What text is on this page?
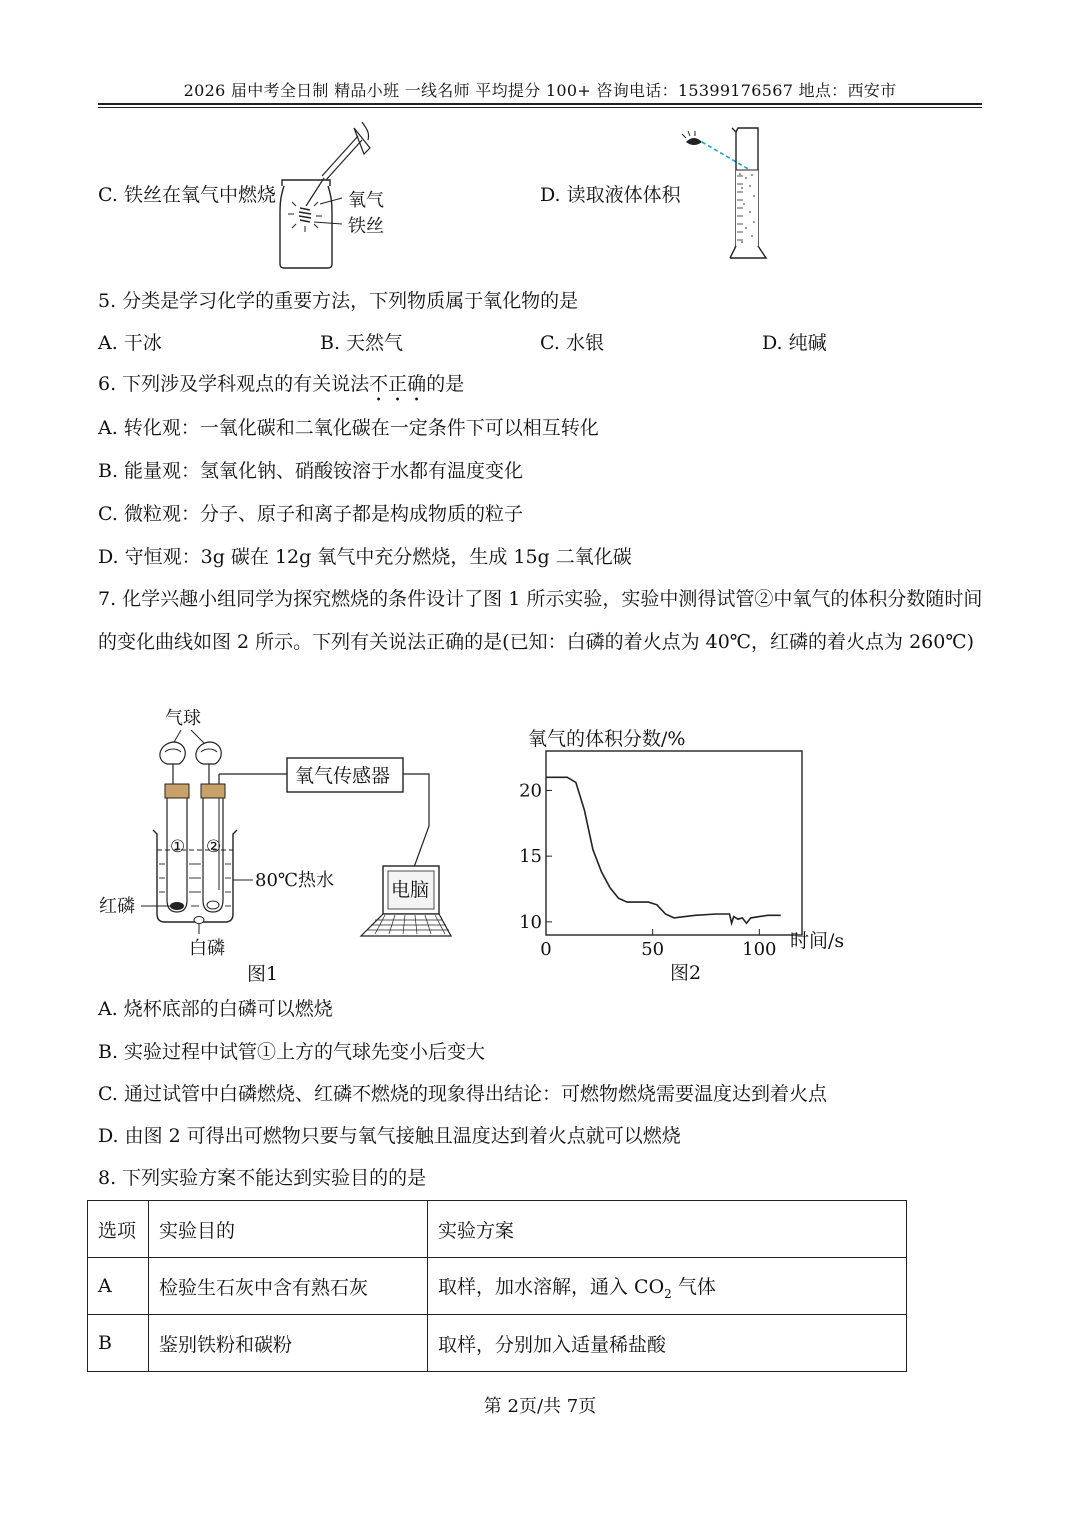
2026 届中考全日制 精品小班 一线名师 平均提分 100+ 咨询电话：15399176567 地点：西安市
C. 铁丝在氧气中燃烧	D. 读取液体体积
氧气
铁丝
5. 分类是学习化学的重要方法，下列物质属于氧化物的是
A. 干冰	B. 天然气	C. 水银	D. 纯碱
6. 下列涉及学科观点的有关说法不正确的是
A. 转化观：一氧化碳和二氧化碳在一定条件下可以相互转化
B. 能量观：氢氧化钠、硝酸铵溶于水都有温度变化
C. 微粒观：分子、原子和离子都是构成物质的粒子
D. 守恒观：3g 碳在 12g 氧气中充分燃烧，生成 15g 二氧化碳
7. 化学兴趣小组同学为探究燃烧的条件设计了图 1 所示实验，实验中测得试管②中氧气的体积分数随时间
的变化曲线如图 2 所示。下列有关说法正确的是(已知：白磷的着火点为 40℃，红磷的着火点为 260℃)
气球
① ②
80℃热水
红磷
白磷
氧气传感器
电脑
图1
氧气的体积分数/%
10
15
20
0	50	100 时间/s
图2
A. 烧杯底部的白磷可以燃烧
B. 实验过程中试管①上方的气球先变小后变大
C. 通过试管中白磷燃烧、红磷不燃烧的现象得出结论：可燃物燃烧需要温度达到着火点
D. 由图 2 可得出可燃物只要与氧气接触且温度达到着火点就可以燃烧
8. 下列实验方案不能达到实验目的的是
选项	实验目的	实验方案
A	检验生石灰中含有熟石灰	取样，加水溶解，通入 $CO_2$ 气体
B	鉴别铁粉和碳粉	取样，分别加入适量稀盐酸
第 2页/共 7页
